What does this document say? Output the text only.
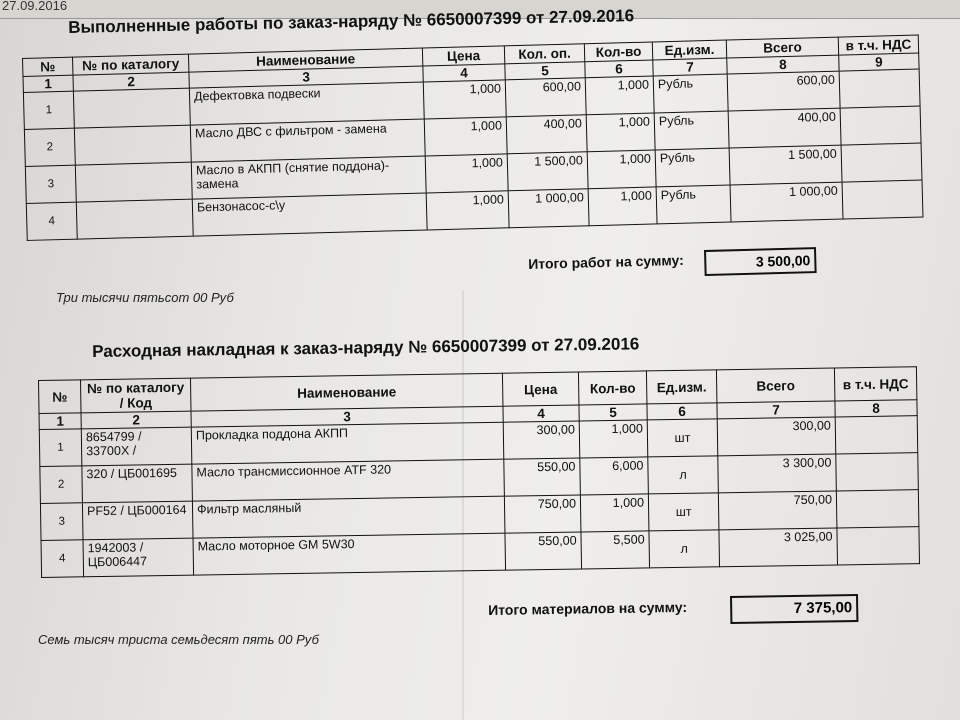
27.09.2016
Выполненные работы по заказ-наряду № 6650007399 от 27.09.2016
№	№ по каталогу	Наименование	Цена	Кол. оп.	Кол-во	Ед.изм.	Всего	в т.ч. НДС
1	2	3	4	5	6	7	8	9
1		Дефектовка подвески	1,000	600,00	1,000	Рубль	600,00	
2		Масло ДВС с фильтром - замена	1,000	400,00	1,000	Рубль	400,00	
3		Масло в АКПП (снятие поддона)- замена	1,000	1 500,00	1,000	Рубль	1 500,00	
4		Бензонасос-с\у	1,000	1 000,00	1,000	Рубль	1 000,00	
Итого работ на сумму:	3 500,00
Три тысячи пятьсот 00 Руб
Расходная накладная к заказ-наряду № 6650007399 от 27.09.2016
№	№ по каталогу / Код	Наименование	Цена	Кол-во	Ед.изм.	Всего	в т.ч. НДС
1	2	3	4	5	6	7	8
1	8654799 / 33700X /	Прокладка поддона АКПП	300,00	1,000	шт	300,00	
2	320 / ЦБ001695	Масло трансмиссионное ATF 320	550,00	6,000	л	3 300,00	
3	PF52 / ЦБ000164	Фильтр масляный	750,00	1,000	шт	750,00	
4	1942003 / ЦБ006447	Масло моторное GM 5W30	550,00	5,500	л	3 025,00	
Итого материалов на сумму:	7 375,00
Семь тысяч триста семьдесят пять 00 Руб
